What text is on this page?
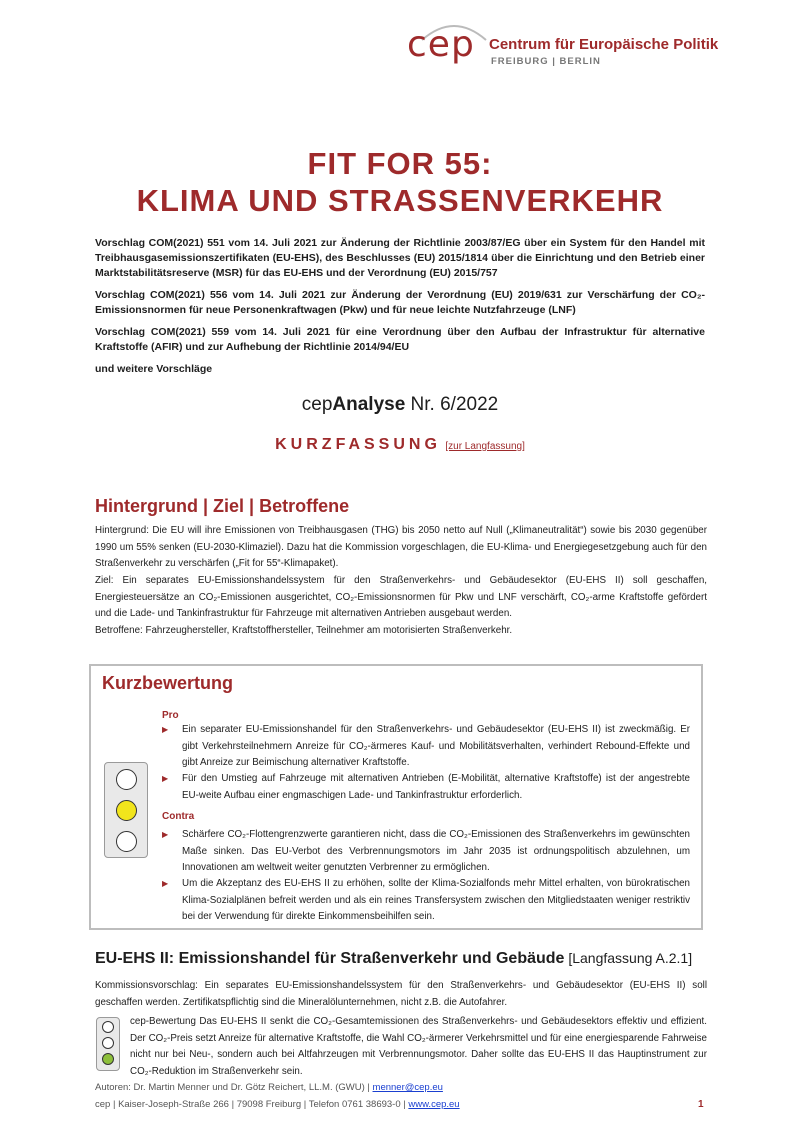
cep Centrum für Europäische Politik
FREIBURG | BERLIN
FIT FOR 55:
KLIMA UND STRASSENVERKEHR
Vorschlag COM(2021) 551 vom 14. Juli 2021 zur Änderung der Richtlinie 2003/87/EG über ein System für den Handel mit Treibhausgasemissionszertifikaten (EU-EHS), des Beschlusses (EU) 2015/1814 über die Einrichtung und den Betrieb einer Marktstabilitätsreserve (MSR) für das EU-EHS und der Verordnung (EU) 2015/757
Vorschlag COM(2021) 556 vom 14. Juli 2021 zur Änderung der Verordnung (EU) 2019/631 zur Verschärfung der CO₂-Emissionsnormen für neue Personenkraftwagen (Pkw) und für neue leichte Nutzfahrzeuge (LNF)
Vorschlag COM(2021) 559 vom 14. Juli 2021 für eine Verordnung über den Aufbau der Infrastruktur für alternative Kraftstoffe (AFIR) und zur Aufhebung der Richtlinie 2014/94/EU
und weitere Vorschläge
cepAnalyse Nr. 6/2022
KURZFASSUNG [zur Langfassung]
Hintergrund | Ziel | Betroffene
Hintergrund: Die EU will ihre Emissionen von Treibhausgasen (THG) bis 2050 netto auf Null („Klimaneutralität“) sowie bis 2030 gegenüber 1990 um 55% senken (EU-2030-Klimaziel). Dazu hat die Kommission vorgeschlagen, die EU-Klima- und Energiegesetzgebung auch für den Straßenverkehr zu verschärfen („Fit for 55“-Klimapaket).
Ziel: Ein separates EU-Emissionshandelssystem für den Straßenverkehrs- und Gebäudesektor (EU-EHS II) soll geschaffen, Energiesteuersätze an CO₂-Emissionen ausgerichtet, CO₂-Emissionsnormen für Pkw und LNF verschärft, CO₂-arme Kraftstoffe gefördert und die Lade- und Tankinfrastruktur für Fahrzeuge mit alternativen Antrieben ausgebaut werden.
Betroffene: Fahrzeughersteller, Kraftstoffhersteller, Teilnehmer am motorisierten Straßenverkehr.
Kurzbewertung
Pro
▶ Ein separater EU-Emissionshandel für den Straßenverkehrs- und Gebäudesektor (EU-EHS II) ist zweckmäßig. Er gibt Verkehrsteilnehmern Anreize für CO₂-ärmeres Kauf- und Mobilitätsverhalten, verhindert Rebound-Effekte und gibt Anreize zur Beimischung alternativer Kraftstoffe.
▶ Für den Umstieg auf Fahrzeuge mit alternativen Antrieben (E-Mobilität, alternative Kraftstoffe) ist der angestrebte EU-weite Aufbau einer engmaschigen Lade- und Tankinfrastruktur erforderlich.
Contra
▶ Schärfere CO₂-Flottengrenzwerte garantieren nicht, dass die CO₂-Emissionen des Straßenverkehrs im gewünschten Maße sinken. Das EU-Verbot des Verbrennungsmotors im Jahr 2035 ist ordnungspolitisch abzulehnen, um Innovationen am weltweit weiter genutzten Verbrenner zu ermöglichen.
▶ Um die Akzeptanz des EU-EHS II zu erhöhen, sollte der Klima-Sozialfonds mehr Mittel erhalten, von bürokratischen Klima-Sozialplänen befreit werden und als ein reines Transfersystem zwischen den Mitgliedstaaten weniger restriktiv bei der Verwendung für direkte Einkommensbeihilfen sein.
EU-EHS II: Emissionshandel für Straßenverkehr und Gebäude [Langfassung A.2.1]
Kommissionsvorschlag: Ein separates EU-Emissionshandelssystem für den Straßenverkehrs- und Gebäudesektor (EU-EHS II) soll geschaffen werden. Zertifikatspflichtig sind die Mineralölunternehmen, nicht z.B. die Autofahrer.
cep-Bewertung Das EU-EHS II senkt die CO₂-Gesamtemissionen des Straßenverkehrs- und Gebäudesektors effektiv und effizient. Der CO₂-Preis setzt Anreize für alternative Kraftstoffe, die Wahl CO₂-ärmerer Verkehrsmittel und für eine energiesparende Fahrweise nicht nur bei Neu-, sondern auch bei Altfahrzeugen mit Verbrennungsmotor. Daher sollte das EU-EHS II das Hauptinstrument zur CO₂-Reduktion im Straßenverkehr sein.
Autoren: Dr. Martin Menner und Dr. Götz Reichert, LL.M. (GWU) | menner@cep.eu
cep | Kaiser-Joseph-Straße 266 | 79098 Freiburg | Telefon 0761 38693-0 | www.cep.eu	1
